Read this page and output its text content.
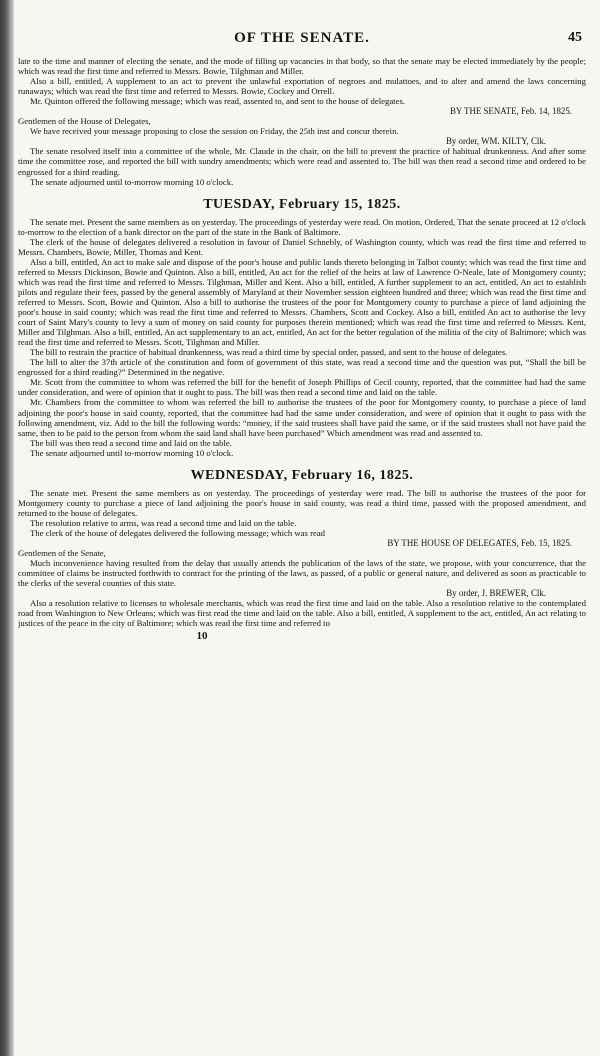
OF THE SENATE.	45

late to the time and manner of electing the senate, and the mode of filling up vacancies in that body, so that the senate may be elected immediately by the people; which was read the first time and referred to Messrs. Bowie, Tilghman and Miller.

Also a bill, entitled, A supplement to an act to prevent the unlawful exportation of negroes and mulattoes, and to alter and amend the laws concerning runaways; which was read the first time and referred to Messrs. Bowie, Cockey and Orrell.

Mr. Quinton offered the following message; which was read, assented to, and sent to the house of delegates.

BY THE SENATE, Feb. 14, 1825.

Gentlemen of the House of Delegates,

We have received your message proposing to close the session on Friday, the 25th inst and concur therein.

By order, WM. KILTY, Clk.

The senate resolved itself into a committee of the whole, Mr. Claude in the chair, on the bill to prevent the practice of habitual drunkenness. And after some time the committee rose, and reported the bill with sundry amendments; which were read and assented to. The bill was then read a second time and ordered to be engrossed for a third reading.

The senate adjourned until to-morrow morning 10 o'clock.

TUESDAY, February 15, 1825.

The senate met. Present the same members as on yesterday. The proceedings of yesterday were read. On motion, Ordered, That the senate proceed at 12 o'clock to-morrow to the election of a bank director on the part of the state in the Bank of Baltimore.

The clerk of the house of delegates delivered a resolution in favour of Daniel Schnebly, of Washington county, which was read the first time and referred to Messrs. Chambers, Bowie, Miller, Thomas and Kent.

Also a bill, entitled, An act to make sale and dispose of the poor's house and public lands thereto belonging in Talbot county; which was read the first time and referred to Messrs Dickinson, Bowie and Quinton. Also a bill, entitled, An act for the relief of the heirs at law of Lawrence O-Neale, late of Montgomery county; which was read the first time and referred to Messrs. Tilghman, Miller and Kent. Also a bill, entitled, A further supplement to an act, entitled, An act to establish pilots and regulate their fees, passed by the general assembly of Maryland at their November session eighteen hundred and three; which was read the first time and referred to Messrs. Scott, Bowie and Quinton. Also a bill to authorise the trustees of the poor for Montgomery county to purchase a piece of land adjoining the poor's house in said county; which was read the first time and referred to Messrs. Chambers, Scott and Cockey. Also a bill, entitled An act to authorise the levy court of Saint Mary's county to levy a sum of money on said county for purposes therein mentioned; which was read the first time and referred to Messrs. Kent, Miller and Tilghman. Also a bill, entitled, An act supplementary to an act, entitled, An act for the better regulation of the militia of the city of Baltimore; which was read the first time and referred to Messrs. Scott, Tilghman and Miller.

The bill to restrain the practice of habitual drunkenness, was read a third time by special order, passed, and sent to the house of delegates.

The bill to alter the 37th article of the constitution and form of government of this state, was read a second time and the question was put, “Shall the bill be engrossed for a third reading?” Determined in the negative.

Mr. Scott from the committee to whom was referred the bill for the benefit of Joseph Phillips of Cecil county, reported, that the committee had had the same under consideration, and were of opinion that it ought to pass. The bill was then read a second time and laid on the table.

Mr. Chambers from the committee to whom was referred the bill to authorise the trustees of the poor for Montgomery county, to purchase a piece of land adjoining the poor's house in said county, reported, that the committee had had the same under consideration, and were of opinion that it ought to pass with the following amendment, viz. Add to the bill the following words: “money, if the said trustees shall have paid the same, or if the said trustees shall not have paid the same, then to be paid to the person from whom the said land shall have been purchased” Which amendment was read and assented to.

The bill was then read a second time and laid on the table.

The senate adjourned until to-morrow morning 10 o'clock.

WEDNESDAY, February 16, 1825.

The senate met. Present the same members as on yesterday. The proceedings of yesterday were read. The bill to authorise the trustees of the poor for Montgomery county to purchase a piece of land adjoining the poor's house in said county, was read a third time, passed with the proposed amendment, and returned to the house of delegates.

The resolution relative to arms, was read a second time and laid on the table.

The clerk of the house of delegates delivered the following message; which was read

BY THE HOUSE OF DELEGATES, Feb. 15, 1825.

Gentlemen of the Senate,

Much inconvenience having resulted from the delay that usually attends the publication of the laws of the state, we propose, with your concurrence, that the committee of claims be instructed forthwith to contract for the printing of the laws, as passed, of a public or general nature, and delivered as soon as practicable to the clerks of the several counties of this state.

By order, J. BREWER, Clk.

Also a resolution relative to licenses to wholesale merchants, which was read the first time and laid on the table. Also a resolution relative to the contemplated road from Washington to New Orleans; which was first read the time and laid on the table. Also a bill, entitled, A supplement to the act, entitled, An act relating to justices of the peace in the city of Baltimore; which was read the first time and referred to

10
